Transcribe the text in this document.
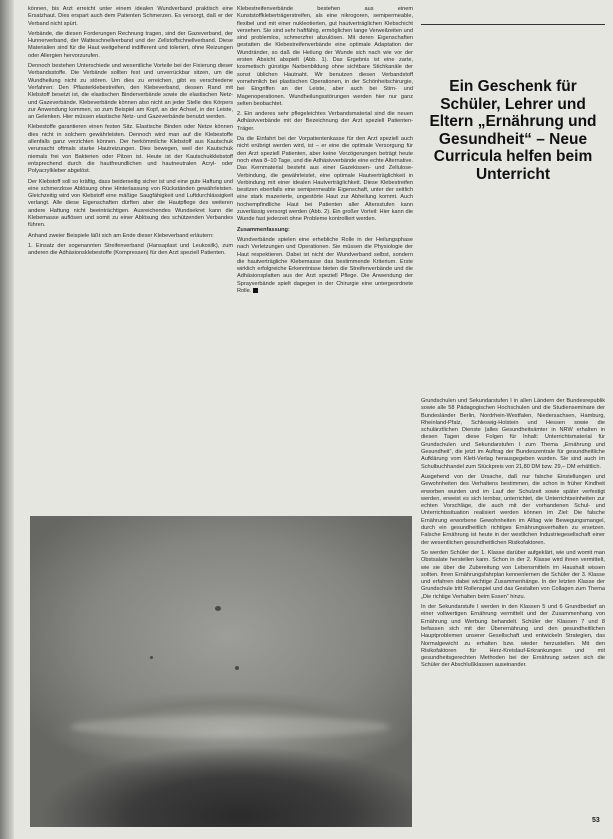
können, bis Arzt erreicht unter einem idealen Wundverband praktisch eine Ersatzhaut. Dies erspart auch dem Patienten Schmerzen. Es versorgt, daß er der Verband nicht spürt.

Verbände, die diesen Forderungen Rechnung tragen, sind der Gazeverband, der Hunnerverband, der Watteschnellverband und der Zellstoffschnellverband. Diese Materialien sind für die Haut weitgehend indifferent und toleriert, ohne Reizungen oder Allergien hervorzurufen.

Dennoch bestehen Unterschiede und wesentliche Vorteile bei der Fixierung dieser Verbandsstoffe. Die Verbände sollten fest und unverrückbar sitzen, um die Wundheilung nicht zu stören. Um dies zu erreichen, gibt es verschiedene Verfahren: Den Pflasterklebestreifen, den Klebeverband, dessen Rand mit Klebstoff besetzt ist, die elastischen Binderverbände sowie die elastischen Netz- und Gazeverbände. Klebeverbände können also nicht an jeder Stelle des Körpers zur Anwendung kommen, so zum Beispiel am Kopf, an der Achsel, in der Leiste, an Gelenken. Hier müssen elastische Netz- und Gazeverbände benutzt werden.

Klebestoffe garantieren einen festen Sitz. Elastische Binden oder Netze können dies nicht in solchem gewährleisten. Dennoch wird man auf die Klebestoffe allenfalls ganz verzichten können. Der herkömmliche Klebstoff aus Kautschuk verursacht oftmals starke Hautreizungen. Dies bewegen, weil der Kautschuk niemals frei von Bakterien oder Pilzen ist. Heute ist der Kautschukklebstoff entsprechend durch die hautfreundlichen und hautneutralen Acryl- oder Polyacrylkleber abgelöst.

Der Klebstoff soll so kräftig, dass beiderseitig sicher ist und eine gute Haftung und eine schmerzlose Ablösung ohne Hinterlassung von Rückständen gewährleisten. Gleichzeitig wird von Klebstoff eine mäßige Saugfähigkeit und Luftdurchlässigkeit verlangt. Alle diese Eigenschaften dürften aber die Hautpflege des weiteren andere Haftung nicht beeinträchtigen. Ausreichendes Wundsekret kann die Klebemasse auflösen und somit zu einer Ablösung des schützenden Verbandes führen.

Anhand zweier Beispiele läßt sich am Ende dieser Klebeverband erläutern:

1. Einsatz der sogenannten Streifenverband (Hansaplast und Leukosilk), zum anderen die Adhäsionsklebestoffe (Kompressen) für den Arzt speziell Patienten.

Klebestreifenverbände bestehen aus einem Kunststoffkleberträgerstreifen, als eine nikrogoren, semipermeable, flexibel und mit einer nukleotierten, gut hautverträglichen Klebschicht versehen. Sie sind sehr haftfähig, ermöglichen lange Verweilzeiten und sind problemlos, schmerzfrei abzulösen. Mit deren Eigenschaften gestatten die Klebestreifenverbände eine optimale Adaptation der Wundränder, so daß die Heilung der Wunde sich nach wie vor der ersten Absicht abspielt (Abb. 1). Das Ergebnis ist eine zarte, kosmetisch günstige Narbenbildung ohne sichtbare Stichkanäle der sonst üblichen Hautnaht. Wir benutzen diesen Verbandstoff vornehmlich bei plastischen Operationen, in der Schönheitschirurgie, bei Eingriffen an der Leiste, aber auch bei Stirn- und Magenoperationen. Wundheilungsstörungen werden hier nur ganz selten beobachtet.

2. Ein anderes sehr pflegeleichtes Verbandsmaterial sind die neuen Adhäsivverbände mit der Bezeichnung der Arzt speziell Patienten-Träger.

Da die Einfahrt bei der Vorpatientenkasse für den Arzt speziell auch nicht erübrigt werden wird, ist – er eine die optimale Versorgung für den Arzt speziell Patienten, aber keine Verzögerungen beträgt heute noch etwa 8–10 Tage, und die Adhäsivverbände eine echte Alternative. Das Kernmaterial besteht aus einer Gazekissen- und Zellulose-Verbindung, die gewährleistet, eine optimale Hautverträglichkeit in Verbindung mit einer idealen Hautverträglichkeit. Diese Klebestreifen besitzen ebenfalls eine semipermeable Eigenschaft, unter der seitlich eine stark mazerierte, ungestörte Haut zur Abheilung kommt. Auch hochempfindliche Haut bei Patienten aller Altersstufen kann zuverlässig versorgt werden (Abb. 2). Ein großer Vorteil: Hier kann die Wunde fast jederzeit ohne Probleme kontrolliert werden.

Zusammenfassung:

Wundverbände spielen eine erhebliche Rolle in der Heilungsphase nach Verletzungen und Operationen. Sie müssen die Physiologie der Haut respektieren. Dabei ist nicht der Wundverband selbst, sondern die hautverträgliche Klebemasse das bestimmende Kriterium. Erste wirklich erfolgreiche Erkenntnisse bieten die Streifenverbände und die Adhäsionsplatten aus der Arzt speziell Pflege. Die Anwendung der Sprayverbände spielt dagegen in der Chirurgie eine untergeordnete Rolle.

Ein Geschenk für Schüler, Lehrer und Eltern „Ernährung und Gesundheit“ – Neue Curricula helfen beim Unterricht

Grundschulen und Sekundarstufen I in allen Ländern der Bundesrepublik sowie alle 58 Pädagogischen Hochschulen und die Studienseminare der Bundesländer Berlin, Nordrhein-Westfalen, Niedersachsen, Hamburg, Rheinland-Pfalz, Schleswig-Holstein und Hessen sowie die schulärztlichen Dienste (alles Gesundheitsämter in NRW erhalten in diesen Tagen diese Folgen für Inhalt: Unterrichtsmaterial für Grundschulen und Sekundarstufen I zum Thema „Ernährung und Gesundheit“, die jetzt im Auftrag der Bundeszentrale für gesundheitliche Aufklärung vom Klett-Verlag herausgegeben wurden. Sie sind auch im Schulbuchhandel zum Stückpreis von 21,80 DM bzw. 29,– DM erhältlich.

Ausgehend von der Ursache, daß nur falsche Einstellungen und Gewohnheiten des Verhaltens bestimmen, die schon in früher Kindheit erworben wurden und im Lauf der Schulzeit sowie später verfestigt werden, erweist es sich lernbar, unterrichtet, die Unterrichtseinheiten zur echten Vorschläge, die auch mit der vorhandenen Schul- und Unterrichtssituation realisiert werden können im Ziel: Die falsche Ernährung erworbene Gewohnheiten im Alltag wie Bewegungsmangel, durch ein gesundheitlich richtiges Ernährungsverhalten zu ersetzen. Falsche Ernährung ist heute in der westlichen Industriegesellschaft einer der wesentlichen gesundheitlichen Risikofaktoren.

So werden Schüler der 1. Klasse darüber aufgeklärt, wie und womit man Obstsalate herstellen kann. Schon in der 2. Klasse wird ihnen vermittelt, wie sie über die Zubereitung von Lebensmitteln im Haushalt wissen sollten. Ihren Ernährungsfahrplan kennenlernen die Schüler der 3. Klasse und erfahren dabei wichtige Zusammenhänge. In der letzten Klasse der Grundschule tritt Rollenspiel und das Gestalten von Collagen zum Thema „Die richtige Verhalten beim Essen“ hinzu.

In der Sekundarstufe I werden in den Klassen 5 und 6 Grundbedarf an einer vollwertigen Ernährung vermittelt und der Zusammenhang von Ernährung und Werbung behandelt. Schüler der Klassen 7 und 8 befassen sich mit der Überernährung und den gesundheitlichen Hauptproblemen unserer Gesellschaft und entwickeln Strategien, das Normalgewicht zu erhalten bzw. wieder herzustellen. Mit den Risikofaktoren für Herz-Kreislauf-Erkrankungen und mit gesundheitsgerechten Methoden bei der Ernährung setzen sich die Schüler der Abschlußklassen auseinander.

53
